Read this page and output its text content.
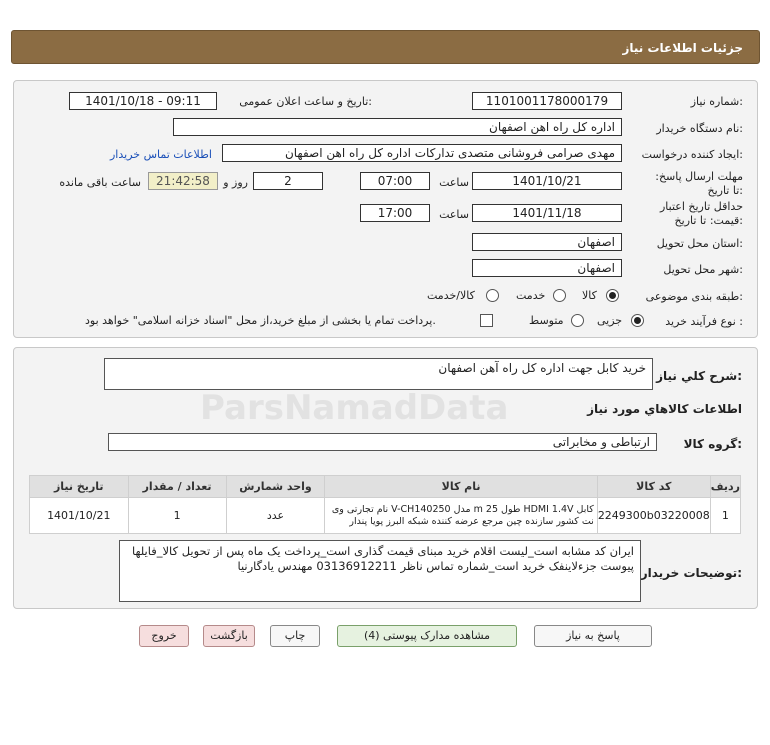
جزئیات اطلاعات نیاز
شماره نیاز:
1101001178000179
تاریخ و ساعت اعلان عمومی:
1401/10/18 - 09:11
نام دستگاه خریدار:
اداره کل راه اهن اصفهان
ایجاد کننده درخواست:
مهدی صرامی فروشانی متصدی تدارکات اداره کل راه اهن اصفهان
اطلاعات تماس خریدار
مهلت ارسال پاسخ: تا تاریخ:
1401/10/21
ساعت
07:00
2
روز و
21:42:58
ساعت باقی مانده
حداقل تاریخ اعتبار قیمت: تا تاریخ:
1401/11/18
ساعت
17:00
استان محل تحویل:
اصفهان
شهر محل تحویل:
اصفهان
طبقه بندی موضوعی:
کالا
خدمت
کالا/خدمت
نوع فرآیند خرید :
جزیی
متوسط
پرداخت تمام یا بخشی از مبلغ خرید،از محل "اسناد خزانه اسلامی" خواهد بود.
شرح کلي نياز:
خرید کابل جهت اداره کل راه آهن اصفهان
اطلاعات کالاهاي مورد نياز
گروه کالا:
ارتباطی و مخابراتی
ردیف	کد کالا	نام کالا	واحد شمارش	تعداد / مقدار	تاریخ نیاز
1	2249300b03220008	کابل HDMI 1.4V طول 25 m مدل V-CH140250 نام تجارتی وی نت کشور سازنده چین مرجع عرضه کننده شبکه البرز پویا پندار	عدد	1	1401/10/21
توضیحات خریدار:
ایران کد مشابه است_لیست اقلام خرید مبنای قیمت گذاری است_پرداخت یک ماه پس از تحویل کالا_فایلها پیوست جزءلاینفک خرید است_شماره تماس ناظر 03136912211 مهندس یادگارنیا
پاسخ به نیاز
مشاهده مدارک پیوستی (4)
چاپ
بازگشت
خروج
